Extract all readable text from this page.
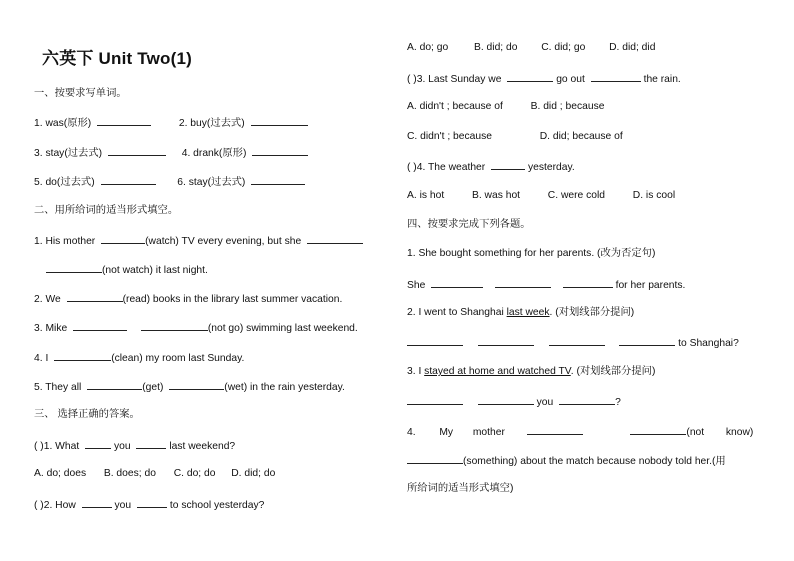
六英下 Unit Two(1)
一、按要求写单词。
1. was(原形)	2. buy(过去式)
3. stay(过去式)	4. drank(原形)
5. do(过去式)	6. stay(过去式)
二、用所给词的适当形式填空。
1. His mother	(watch) TV every evening, but she
(not watch) it last night.
2. We	(read) books in the library last summer vacation.
3. Mike	(not go) swimming last weekend.
4. I	(clean) my room last Sunday.
5. They all	(get)	(wet) in the rain yesterday.
三、 选择正确的答案。
( )1. What	you	last weekend?
A. do; does B. does; do C. do; do D. did; do
( )2. How	you	to school yesterday?
A. do; go	B. did; do C. did; go D. did; did
( )3. Last Sunday we	go out	the rain.
A. didn't ; because of	B. did ; because
C. didn't ; because	D. did; because of
( )4. The weather	yesterday.
A. is hot	B. was hot	C. were cold	D. is cool
四、按要求完成下列各题。
1. She bought something for her parents. (改为否定句)
She	for her parents.
2. I went to Shanghai last week. (对划线部分提问)
to Shanghai?
3. I stayed at home and watched TV. (对划线部分提问)
you	?
4. My mother	(not know)
(something) about the match because nobody told her.(用
所给词的适当形式填空)
